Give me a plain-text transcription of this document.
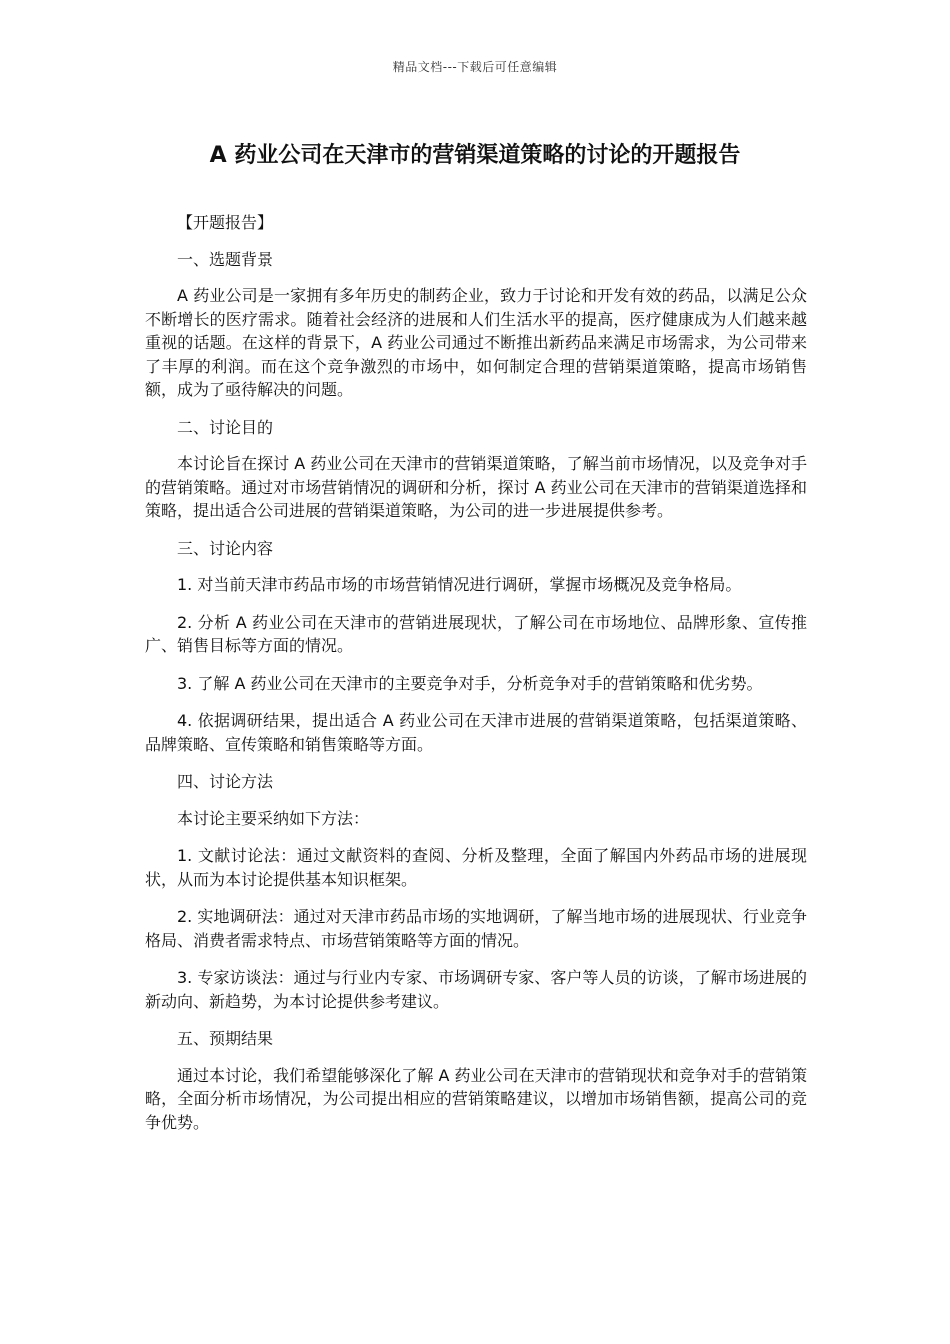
精品文档---下载后可任意编辑
A 药业公司在天津市的营销渠道策略的讨论的开题报告

【开题报告】

一、选题背景

A 药业公司是一家拥有多年历史的制药企业，致力于讨论和开发有效的药品，以满足公众不断增长的医疗需求。随着社会经济的进展和人们生活水平的提高，医疗健康成为人们越来越重视的话题。在这样的背景下，A 药业公司通过不断推出新药品来满足市场需求，为公司带来了丰厚的利润。而在这个竞争激烈的市场中，如何制定合理的营销渠道策略，提高市场销售额，成为了亟待解决的问题。

二、讨论目的

本讨论旨在探讨 A 药业公司在天津市的营销渠道策略，了解当前市场情况，以及竞争对手的营销策略。通过对市场营销情况的调研和分析，探讨 A 药业公司在天津市的营销渠道选择和策略，提出适合公司进展的营销渠道策略，为公司的进一步进展提供参考。

三、讨论内容

1. 对当前天津市药品市场的市场营销情况进行调研，掌握市场概况及竞争格局。

2. 分析 A 药业公司在天津市的营销进展现状，了解公司在市场地位、品牌形象、宣传推广、销售目标等方面的情况。

3. 了解 A 药业公司在天津市的主要竞争对手，分析竞争对手的营销策略和优劣势。

4. 依据调研结果，提出适合 A 药业公司在天津市进展的营销渠道策略，包括渠道策略、品牌策略、宣传策略和销售策略等方面。

四、讨论方法

本讨论主要采纳如下方法：

1. 文献讨论法：通过文献资料的查阅、分析及整理，全面了解国内外药品市场的进展现状，从而为本讨论提供基本知识框架。

2. 实地调研法：通过对天津市药品市场的实地调研，了解当地市场的进展现状、行业竞争格局、消费者需求特点、市场营销策略等方面的情况。

3. 专家访谈法：通过与行业内专家、市场调研专家、客户等人员的访谈，了解市场进展的新动向、新趋势，为本讨论提供参考建议。

五、预期结果

通过本讨论，我们希望能够深化了解 A 药业公司在天津市的营销现状和竞争对手的营销策略，全面分析市场情况，为公司提出相应的营销策略建议，以增加市场销售额，提高公司的竞争优势。
